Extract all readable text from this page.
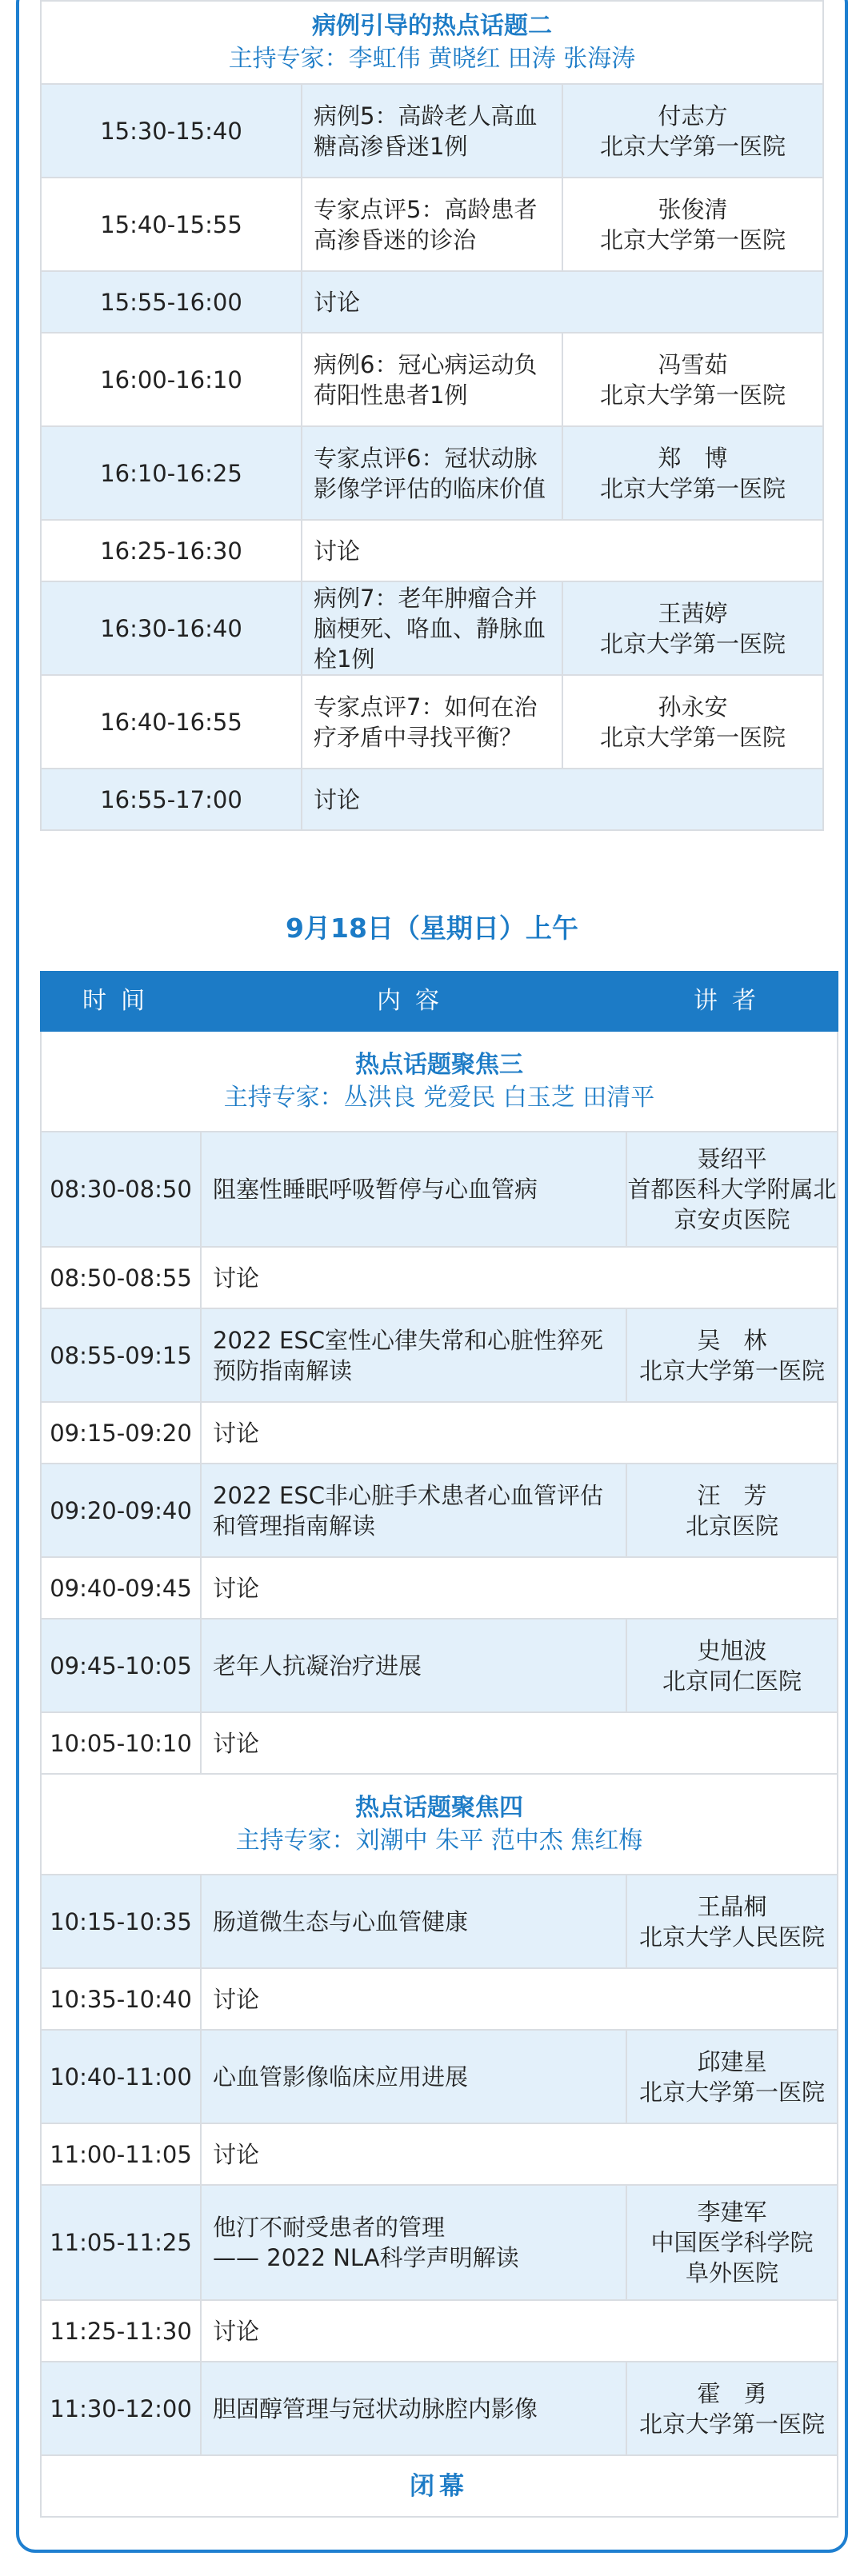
病例引导的热点话题二
主持专家：李虹伟 黄晓红 田涛 张海涛		

15:30-15:40	病例5：高龄老人高血糖高渗昏迷1例	付志方
北京大学第一医院
15:40-15:55	专家点评5：高龄患者高渗昏迷的诊治	张俊清
北京大学第一医院
15:55-16:00	讨论	
16:00-16:10	病例6：冠心病运动负荷阳性患者1例	冯雪茹
北京大学第一医院
16:10-16:25	专家点评6：冠状动脉影像学评估的临床价值	郑　博
北京大学第一医院
16:25-16:30	讨论	
16:30-16:40	病例7：老年肿瘤合并脑梗死、咯血、静脉血栓1例	王茜婷
北京大学第一医院
16:40-16:55	专家点评7：如何在治疗矛盾中寻找平衡？	孙永安
北京大学第一医院
16:55-17:00	讨论	
9月18日（星期日）上午
时间	内容	讲者

热点话题聚焦三
主持专家：丛洪良 党爱民 白玉芝 田清平		

08:30-08:50	阻塞性睡眠呼吸暂停与心血管病	聂绍平
首都医科大学附属北京安贞医院
08:50-08:55	讨论	
08:55-09:15	2022 ESC室性心律失常和心脏性猝死预防指南解读	吴　林
北京大学第一医院
09:15-09:20	讨论	
09:20-09:40	2022 ESC非心脏手术患者心血管评估和管理指南解读	汪　芳
北京医院
09:40-09:45	讨论	
09:45-10:05	老年人抗凝治疗进展	史旭波
北京同仁医院
10:05-10:10	讨论	

热点话题聚焦四
主持专家：刘潮中 朱平 范中杰 焦红梅		

10:15-10:35	肠道微生态与心血管健康	王晶桐
北京大学人民医院
10:35-10:40	讨论	
10:40-11:00	心血管影像临床应用进展	邱建星
北京大学第一医院
11:00-11:05	讨论	
11:05-11:25	他汀不耐受患者的管理
—— 2022 NLA科学声明解读	李建军
中国医学科学院
阜外医院
11:25-11:30	讨论	
11:30-12:00	胆固醇管理与冠状动脉腔内影像	霍　勇
北京大学第一医院
闭幕		
